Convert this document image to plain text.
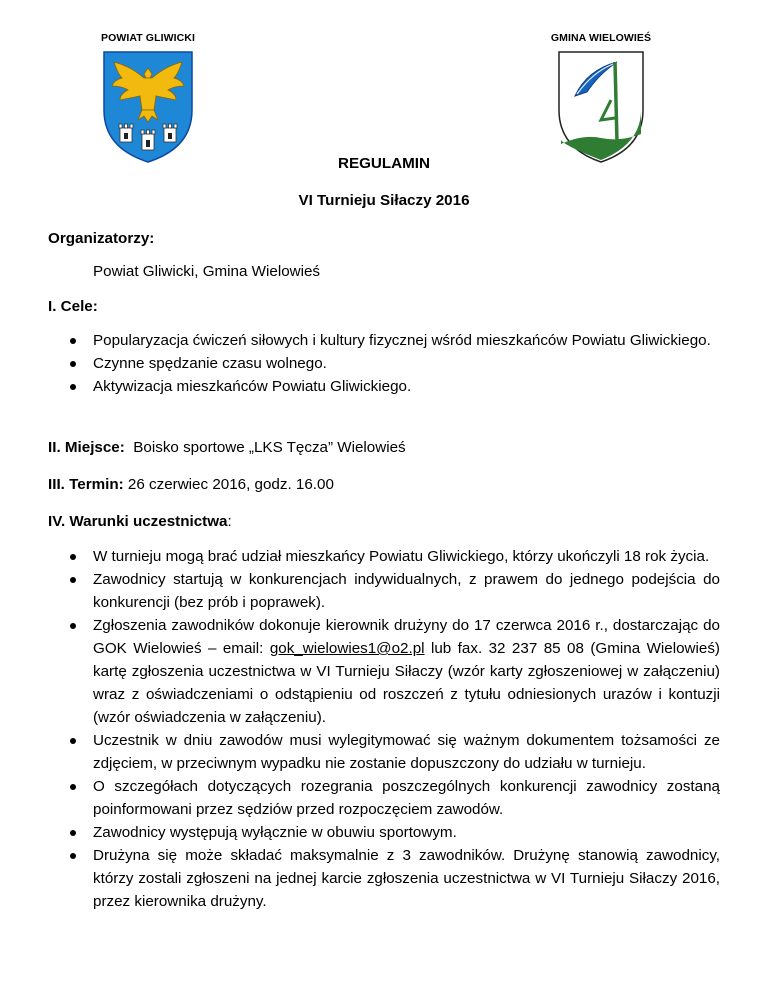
POWIAT GLIWICKI	GMINA WIELOWIEŚ
REGULAMIN
VI Turnieju Siłaczy 2016
Organizatorzy:
Powiat Gliwicki, Gmina Wielowieś
I. Cele:
Popularyzacja ćwiczeń siłowych i kultury fizycznej wśród mieszkańców Powiatu Gliwickiego.
Czynne spędzanie czasu wolnego.
Aktywizacja mieszkańców Powiatu Gliwickiego.
II. Miejsce: Boisko sportowe „LKS Tęcza” Wielowieś
III. Termin: 26 czerwiec 2016, godz. 16.00
IV. Warunki uczestnictwa:
W turnieju mogą brać udział mieszkańcy Powiatu Gliwickiego, którzy ukończyli 18 rok życia.
Zawodnicy startują w konkurencjach indywidualnych, z prawem do jednego podejścia do konkurencji (bez prób i poprawek).
Zgłoszenia zawodników dokonuje kierownik drużyny do 17 czerwca 2016 r., dostarczając do GOK Wielowieś – email: gok_wielowies1@o2.pl lub fax. 32 237 85 08 (Gmina Wielowieś) kartę zgłoszenia uczestnictwa w VI Turnieju Siłaczy (wzór karty zgłoszeniowej w załączeniu) wraz z oświadczeniami o odstąpieniu od roszczeń z tytułu odniesionych urazów i kontuzji (wzór oświadczenia w załączeniu).
Uczestnik w dniu zawodów musi wylegitymować się ważnym dokumentem tożsamości ze zdjęciem, w przeciwnym wypadku nie zostanie dopuszczony do udziału w turnieju.
O szczegółach dotyczących rozegrania poszczególnych konkurencji zawodnicy zostaną poinformowani przez sędziów przed rozpoczęciem zawodów.
Zawodnicy występują wyłącznie w obuwiu sportowym.
Drużyna się może składać maksymalnie z 3 zawodników. Drużynę stanowią zawodnicy, którzy zostali zgłoszeni na jednej karcie zgłoszenia uczestnictwa w VI Turnieju Siłaczy 2016, przez kierownika drużyny.
